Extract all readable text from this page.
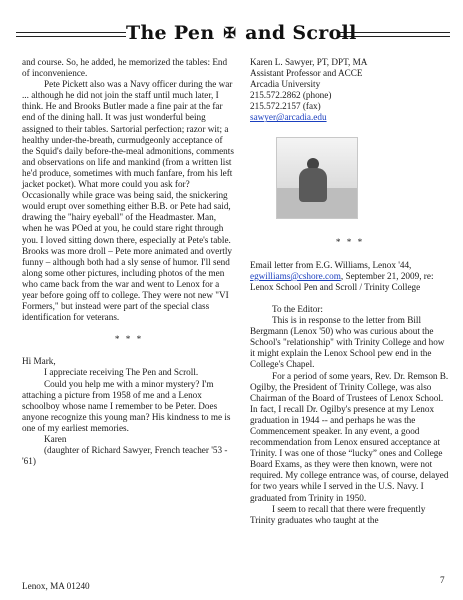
The Pen ✠ and Scroll

and course. So, he added, he memorized the tables: End of inconvenience.

Pete Pickett also was a Navy officer during the war ... although he did not join the staff until much later, I think. He and Brooks Butler made a fine pair at the far end of the dining hall. It was just wonderful being assigned to their tables. Sartorial perfection; razor wit; a healthy under-the-breath, curmudgeonly acceptance of the Squid's daily before-the-meal admonitions, comments and observations on life and mankind (from a written list he'd produce, sometimes with much fanfare, from his left jacket pocket). What more could you ask for? Occasionally while grace was being said, the snickering would erupt over something either B.B. or Pete had said, drawing the "hairy eyeball" of the Headmaster. Man, when he was POed at you, he could stare right through you. I loved sitting down there, especially at Pete's table. Brooks was more droll – Pete more animated and overtly funny – although both had a sly sense of humor. I'll send along some other pictures, including photos of the men who came back from the war and went to Lenox for a year before going off to college. They were not new "VI Formers," but instead were part of the special class identification for veterans.

* * *

Hi Mark,

I appreciate receiving The Pen and Scroll.

Could you help me with a minor mystery? I'm attaching a picture from 1958 of me and a Lenox schoolboy whose name I remember to be Peter. Does anyone recognize this young man? His kindness to me is one of my earliest memories.

Karen

(daughter of Richard Sawyer, French teacher '53 - '61)

Karen L. Sawyer, PT, DPT, MA

Assistant Professor and ACCE

Arcadia University

215.572.2862 (phone)

215.572.2157 (fax)

sawyer@arcadia.edu

* * *

Email letter from E.G. Williams, Lenox '44, egwilliams@cshore.com, September 21, 2009, re: Lenox School Pen and Scroll / Trinity College

To the Editor:

This is in response to the letter from Bill Bergmann (Lenox '50) who was curious about the School's "relationship" with Trinity College and how it might explain the Lenox School pew end in the College's Chapel.

For a period of some years, Rev. Dr. Remson B. Ogilby, the President of Trinity College, was also Chairman of the Board of Trustees of Lenox School. In fact, I recall Dr. Ogilby's presence at my Lenox graduation in 1944 -- and perhaps he was the Commencement speaker. In any event, a good recommendation from Lenox ensured acceptance at Trinity. I was one of those “lucky” ones and College Board Exams, as they were then known, were not required. My college entrance was, of course, delayed for two years while I served in the U.S. Navy. I graduated from Trinity in 1950.

I seem to recall that there were frequently Trinity graduates who taught at the

Lenox, MA 01240
7
